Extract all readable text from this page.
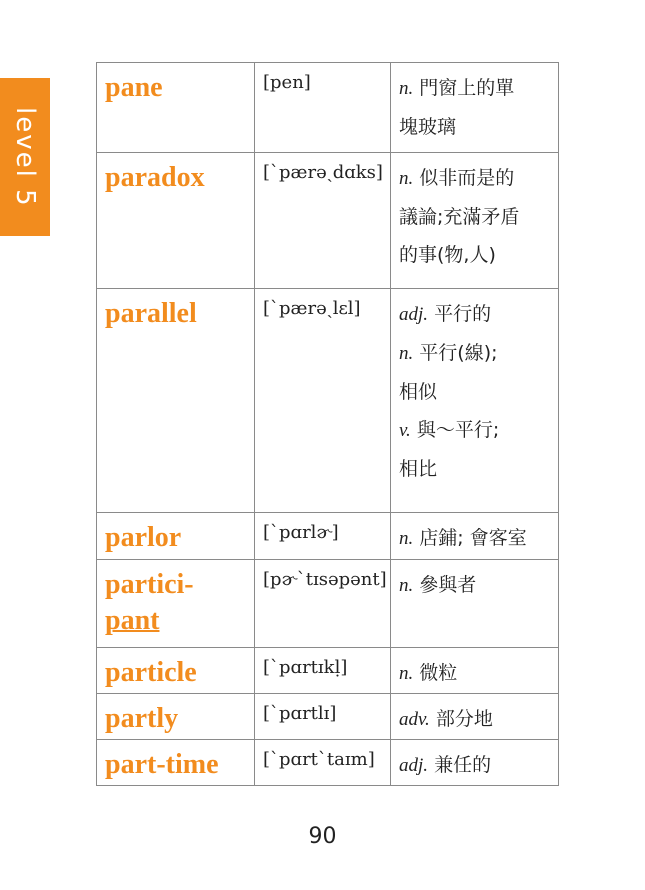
level 5
pane	[pen]	n. 門窗上的單
塊玻璃

paradox	[ˋpærəˏdɑks]	n. 似非而是的
議論;充滿矛盾
的事(物,人)

parallel	[ˋpærəˏlɛl]	adj. 平行的
n. 平行(線);
相似
v. 與～平行;
相比

parlor	[ˋpɑrlɚ]	n. 店鋪; 會客室

partici-
pant	[pɚˋtɪsəpənt]	n. 參與者

particle	[ˋpɑrtɪkḷ]	n. 微粒

partly	[ˋpɑrtlɪ]	adv. 部分地

part-time	[ˋpɑrtˋtaɪm]	adj. 兼任的
90
